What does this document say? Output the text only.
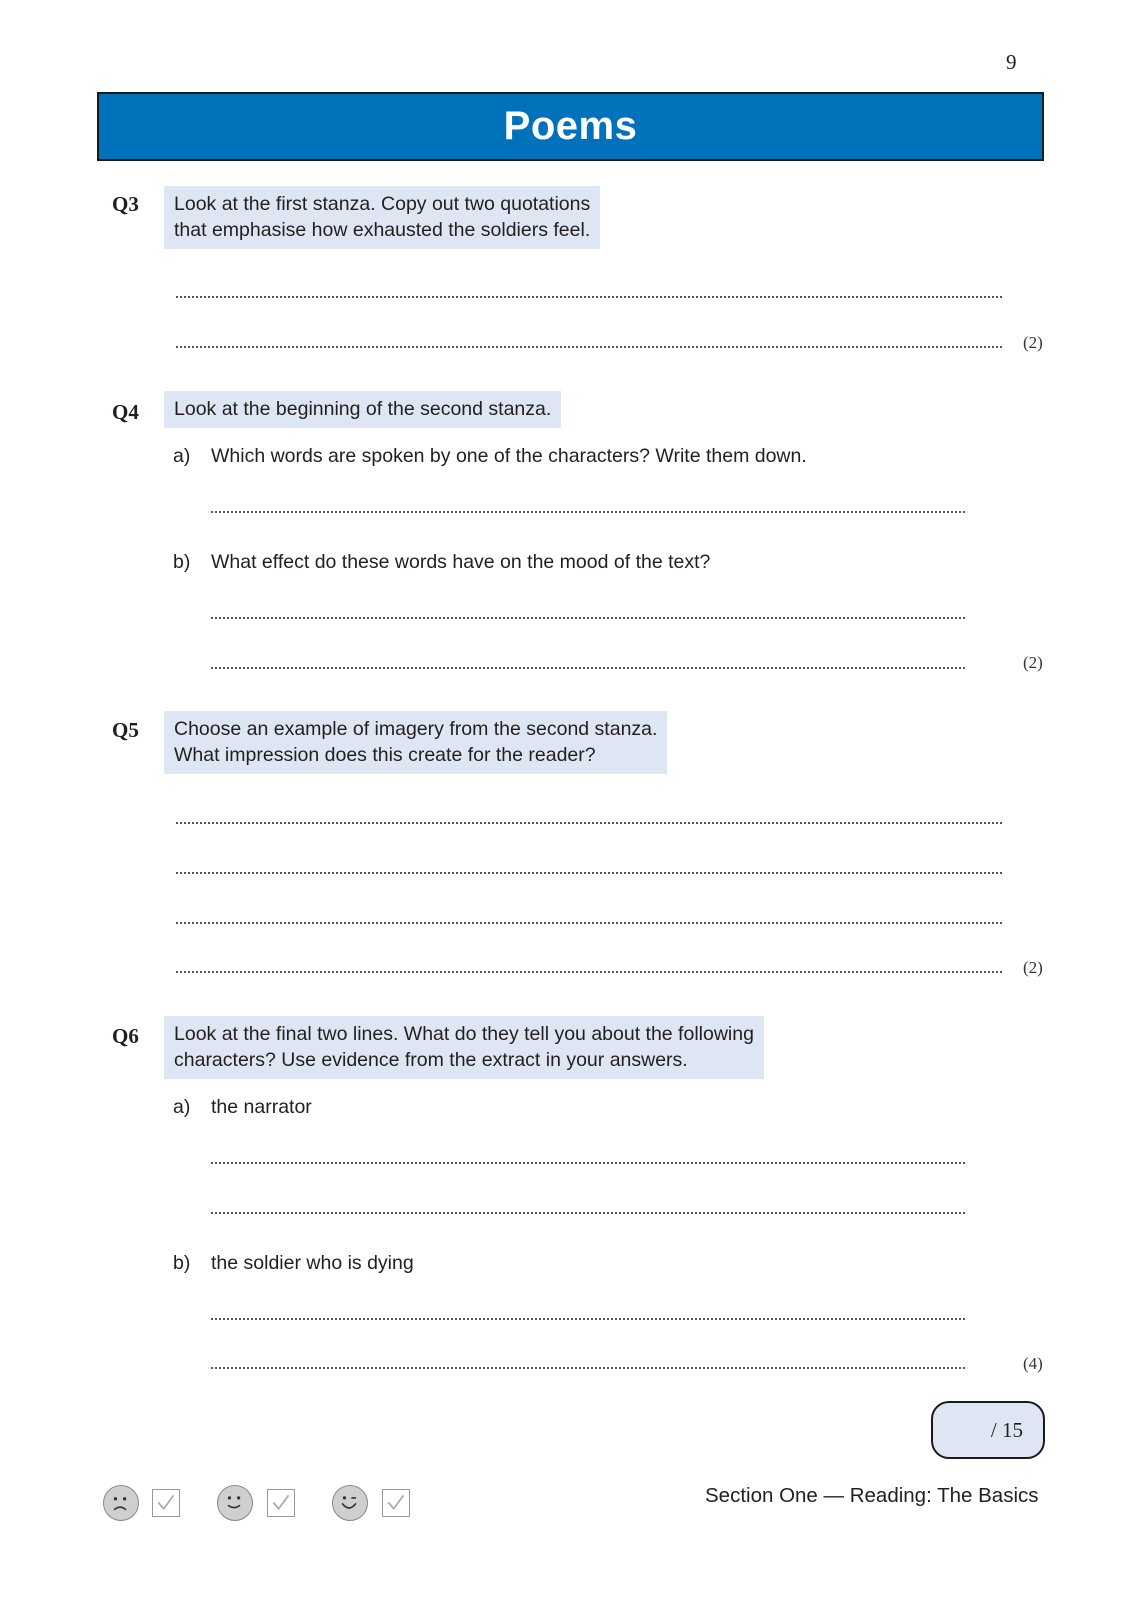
9
Poems
Q3 Look at the first stanza. Copy out two quotations
that emphasise how exhausted the soldiers feel.
(2)
Q4 Look at the beginning of the second stanza.
a) Which words are spoken by one of the characters? Write them down.
b) What effect do these words have on the mood of the text?
(2)
Q5 Choose an example of imagery from the second stanza.
What impression does this create for the reader?
(2)
Q6 Look at the final two lines. What do they tell you about the following
characters? Use evidence from the extract in your answers.
a) the narrator
b) the soldier who is dying
(4)
/ 15
Section One — Reading: The Basics
